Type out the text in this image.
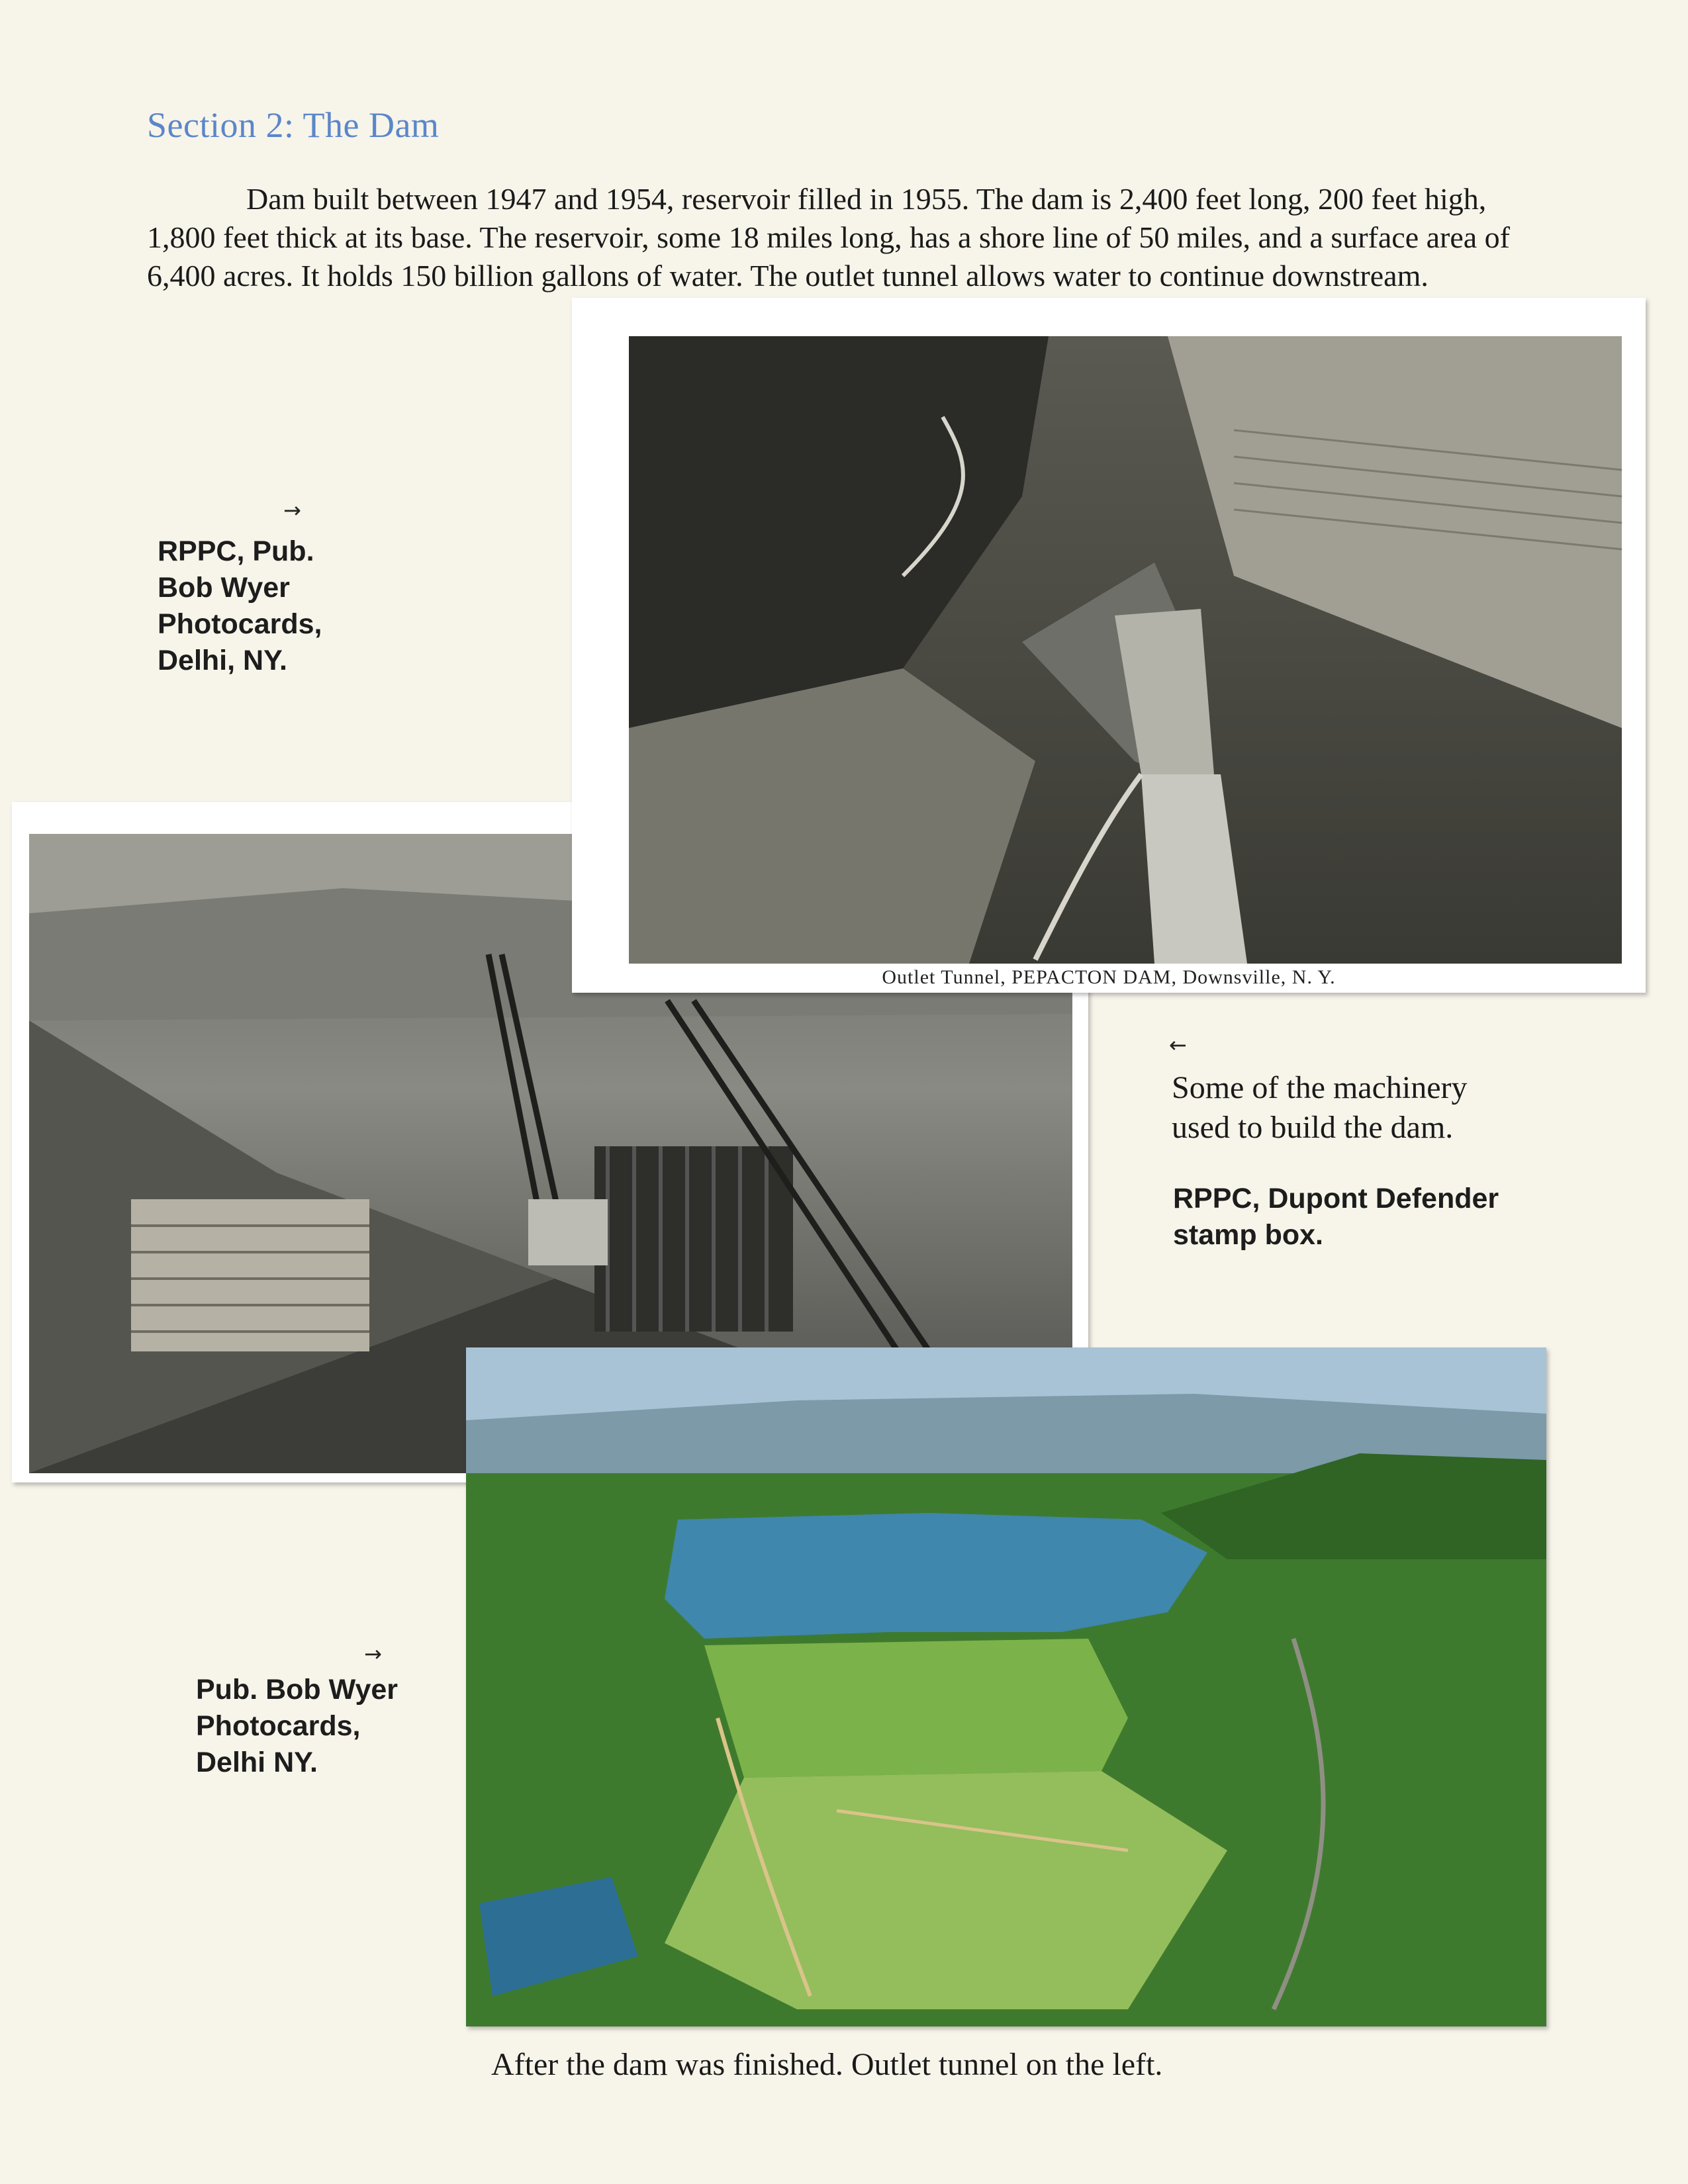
Section 2: The Dam

Dam built between 1947 and 1954, reservoir filled in 1955. The dam is 2,400 feet long, 200 feet high, 1,800 feet thick at its base. The reservoir, some 18 miles long, has a shore line of 50 miles, and a surface area of 6,400 acres. It holds 150 billion gallons of water. The outlet tunnel allows water to continue downstream.

→
RPPC, Pub.
Bob Wyer
Photocards,
Delhi, NY.
Outlet Tunnel, PEPACTON DAM, Downsville, N. Y.
←
Some of the machinery
used to build the dam.
RPPC, Dupont Defender
stamp box.
→
Pub. Bob Wyer
Photocards,
Delhi NY.
After the dam was finished. Outlet tunnel on the left.
